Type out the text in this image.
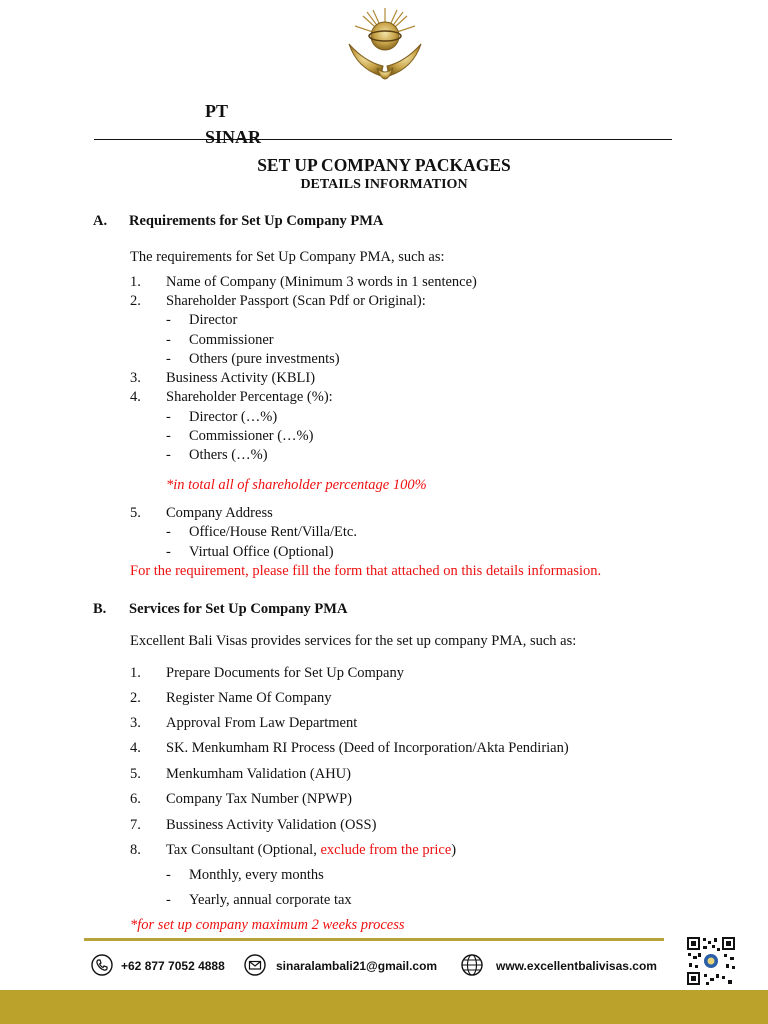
PT
SINAR
SET UP COMPANY PACKAGES
DETAILS INFORMATION
A. Requirements for Set Up Company PMA
The requirements for Set Up Company PMA, such as:
1. Name of Company (Minimum 3 words in 1 sentence)
2. Shareholder Passport (Scan Pdf or Original):
- Director
- Commissioner
- Others (pure investments)
3. Business Activity (KBLI)
4. Shareholder Percentage (%):
- Director (…%)
- Commissioner (…%)
- Others (…%)
*in total all of shareholder percentage 100%
5. Company Address
- Office/House Rent/Villa/Etc.
- Virtual Office (Optional)
For the requirement, please fill the form that attached on this details informasion.
B. Services for Set Up Company PMA
Excellent Bali Visas provides services for the set up company PMA, such as:
1. Prepare Documents for Set Up Company
2. Register Name Of Company
3. Approval From Law Department
4. SK. Menkumham RI Process (Deed of Incorporation/Akta Pendirian)
5. Menkumham Validation (AHU)
6. Company Tax Number (NPWP)
7. Bussiness Activity Validation (OSS)
8. Tax Consultant (Optional, exclude from the price)
- Monthly, every months
- Yearly, annual corporate tax
*for set up company maximum 2 weeks process
+62 877 7052 4888	sinaralambali21@gmail.com	www.excellentbalivisas.com
